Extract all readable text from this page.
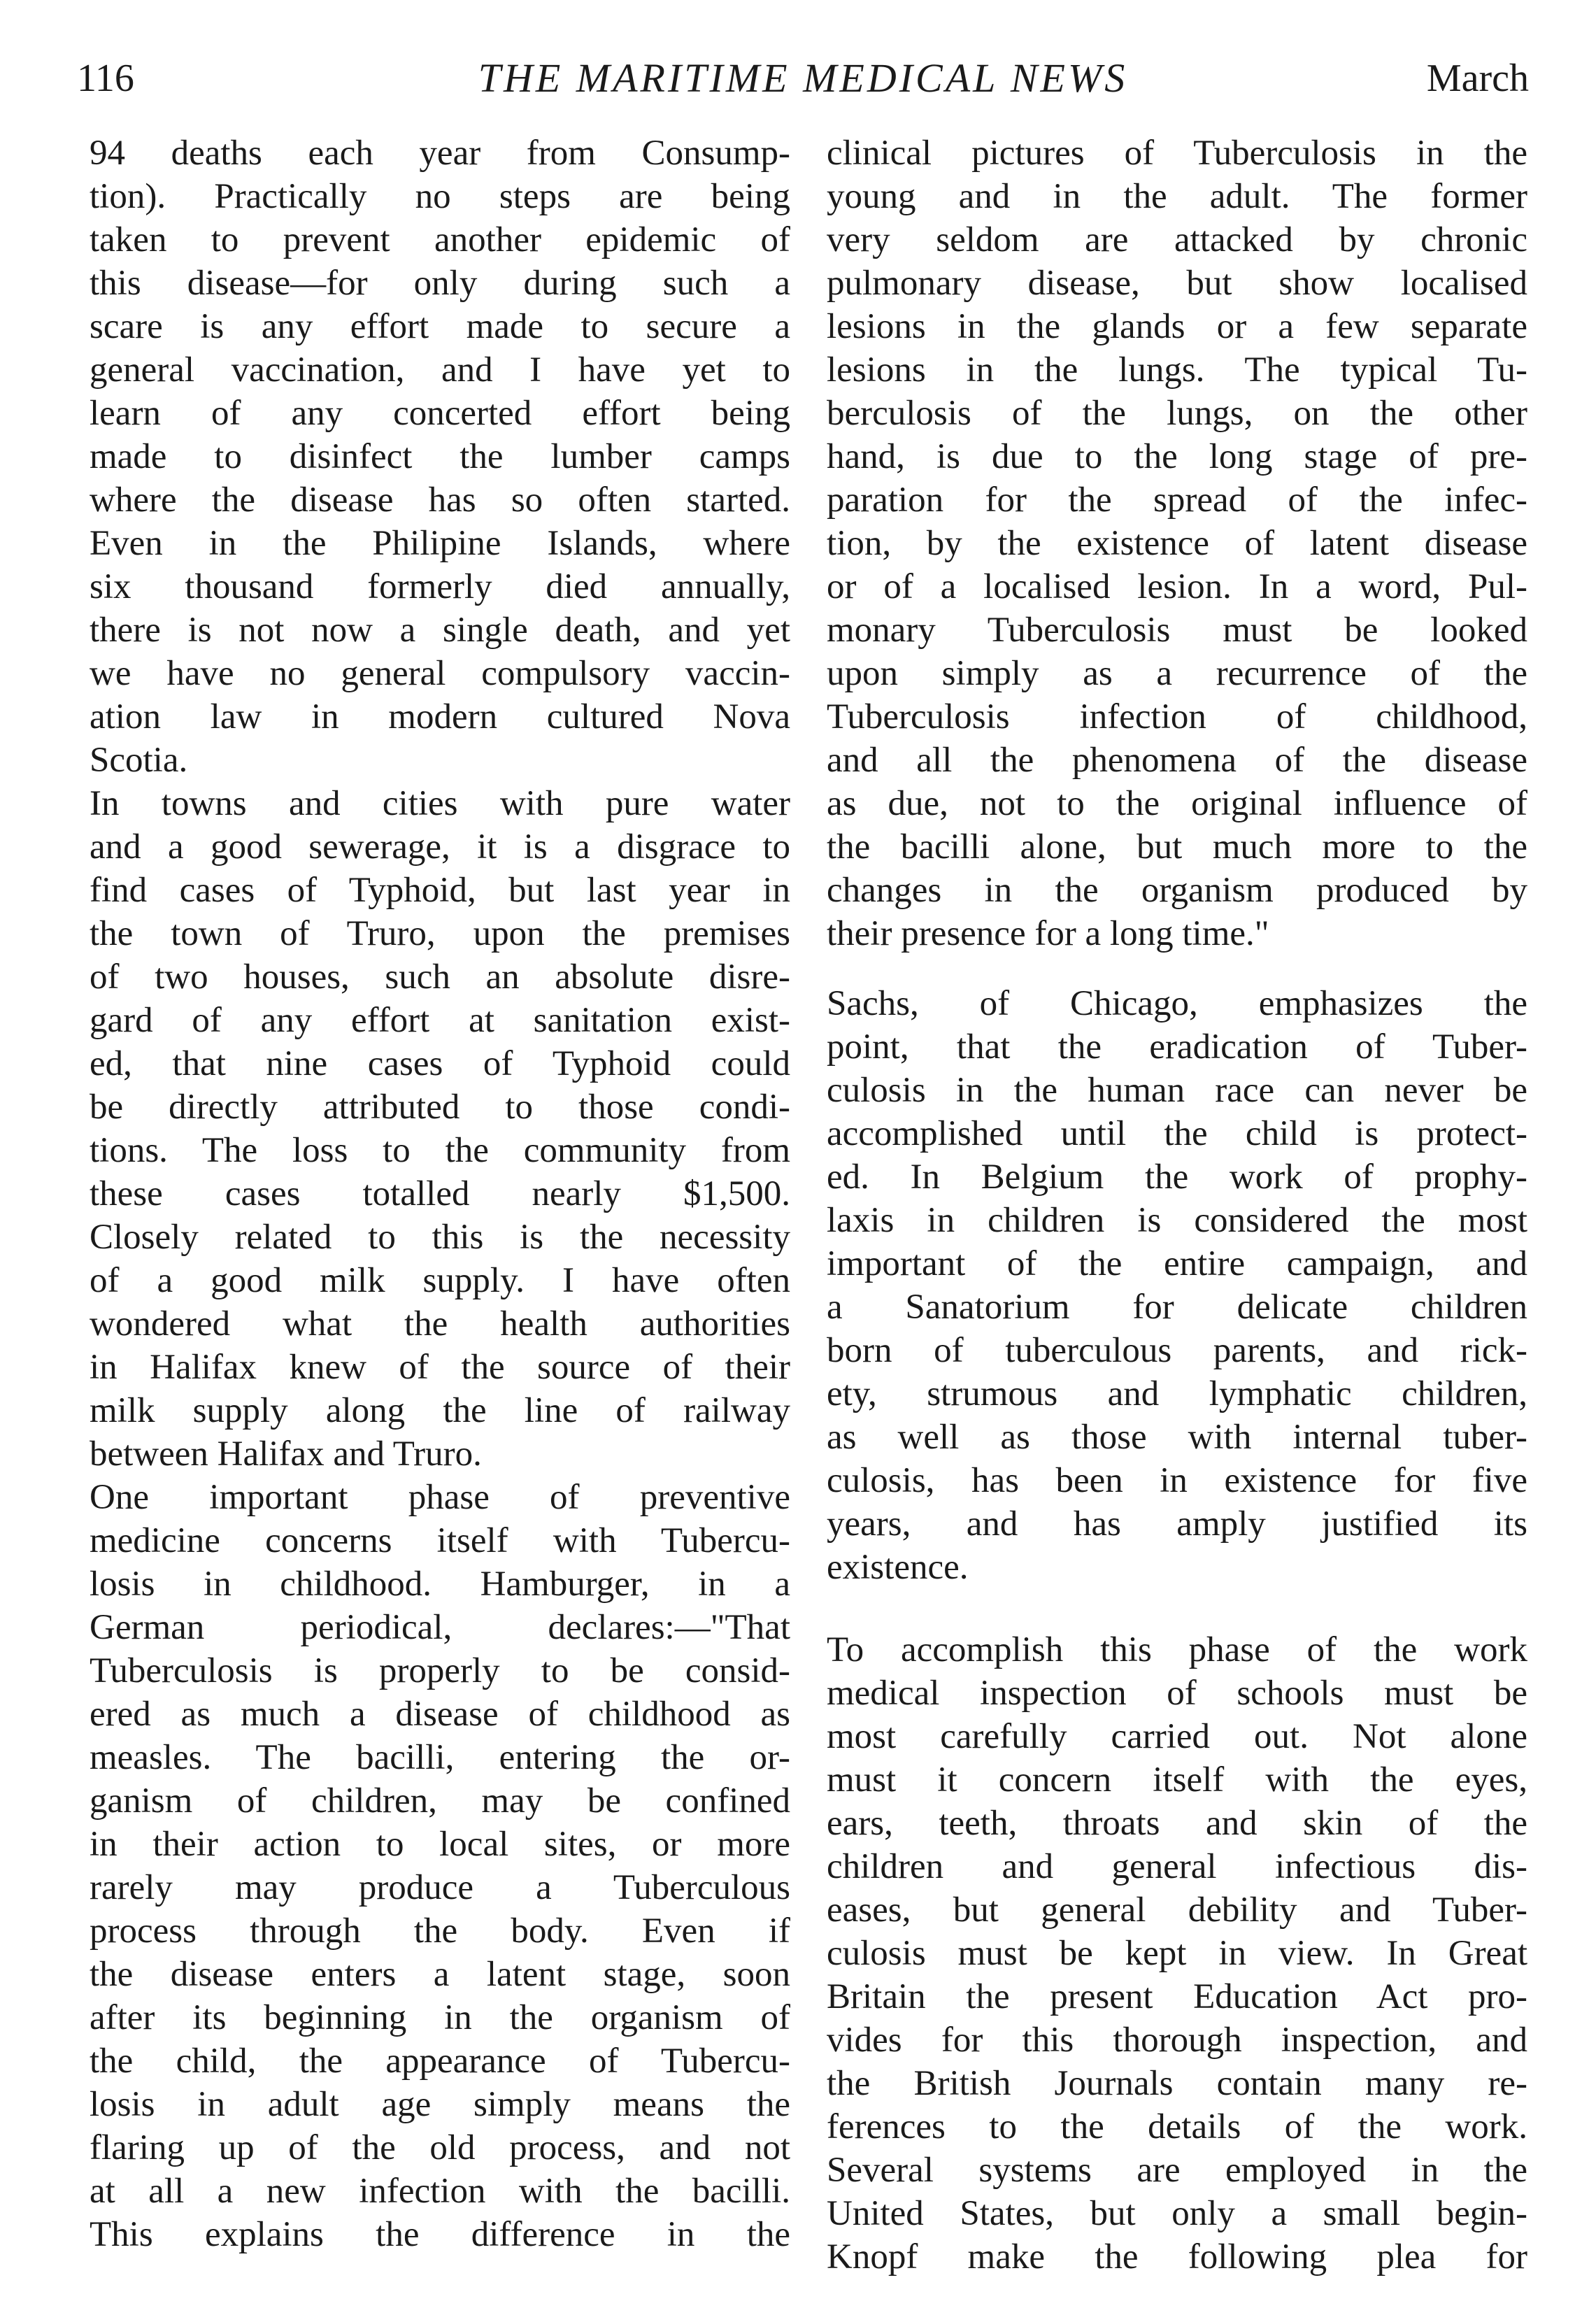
116	THE MARITIME MEDICAL NEWS	March
94 deaths each year from Consump-
tion). Practically no steps are being
taken to prevent another epidemic of
this disease—for only during such a
scare is any effort made to secure a
general vaccination, and I have yet to
learn of any concerted effort being
made to disinfect the lumber camps
where the disease has so often started.
Even in the Philipine Islands, where
six thousand formerly died annually,
there is not now a single death, and yet
we have no general compulsory vaccin-
ation law in modern cultured Nova
Scotia.
In towns and cities with pure water
and a good sewerage, it is a disgrace to
find cases of Typhoid, but last year in
the town of Truro, upon the premises
of two houses, such an absolute disre-
gard of any effort at sanitation exist-
ed, that nine cases of Typhoid could
be directly attributed to those condi-
tions. The loss to the community from
these cases totalled nearly $1,500.
Closely related to this is the necessity
of a good milk supply. I have often
wondered what the health authorities
in Halifax knew of the source of their
milk supply along the line of railway
between Halifax and Truro.
One important phase of preventive
medicine concerns itself with Tubercu-
losis in childhood. Hamburger, in a
German periodical, declares:—"That
Tuberculosis is properly to be consid-
ered as much a disease of childhood as
measles. The bacilli, entering the or-
ganism of children, may be confined
in their action to local sites, or more
rarely may produce a Tuberculous
process through the body. Even if
the disease enters a latent stage, soon
after its beginning in the organism of
the child, the appearance of Tubercu-
losis in adult age simply means the
flaring up of the old process, and not
at all a new infection with the bacilli.
This explains the difference in the
clinical pictures of Tuberculosis in the
young and in the adult. The former
very seldom are attacked by chronic
pulmonary disease, but show localised
lesions in the glands or a few separate
lesions in the lungs. The typical Tu-
berculosis of the lungs, on the other
hand, is due to the long stage of pre-
paration for the spread of the infec-
tion, by the existence of latent disease
or of a localised lesion. In a word, Pul-
monary Tuberculosis must be looked
upon simply as a recurrence of the
Tuberculosis infection of childhood,
and all the phenomena of the disease
as due, not to the original influence of
the bacilli alone, but much more to the
changes in the organism produced by
their presence for a long time."
Sachs, of Chicago, emphasizes the
point, that the eradication of Tuber-
culosis in the human race can never be
accomplished until the child is protect-
ed. In Belgium the work of prophy-
laxis in children is considered the most
important of the entire campaign, and
a Sanatorium for delicate children
born of tuberculous parents, and rick-
ety, strumous and lymphatic children,
as well as those with internal tuber-
culosis, has been in existence for five
years, and has amply justified its
existence.
To accomplish this phase of the work
medical inspection of schools must be
most carefully carried out. Not alone
must it concern itself with the eyes,
ears, teeth, throats and skin of the
children and general infectious dis-
eases, but general debility and Tuber-
culosis must be kept in view. In Great
Britain the present Education Act pro-
vides for this thorough inspection, and
the British Journals contain many re-
ferences to the details of the work.
Several systems are employed in the
United States, but only a small begin-
Knopf make the following plea for
